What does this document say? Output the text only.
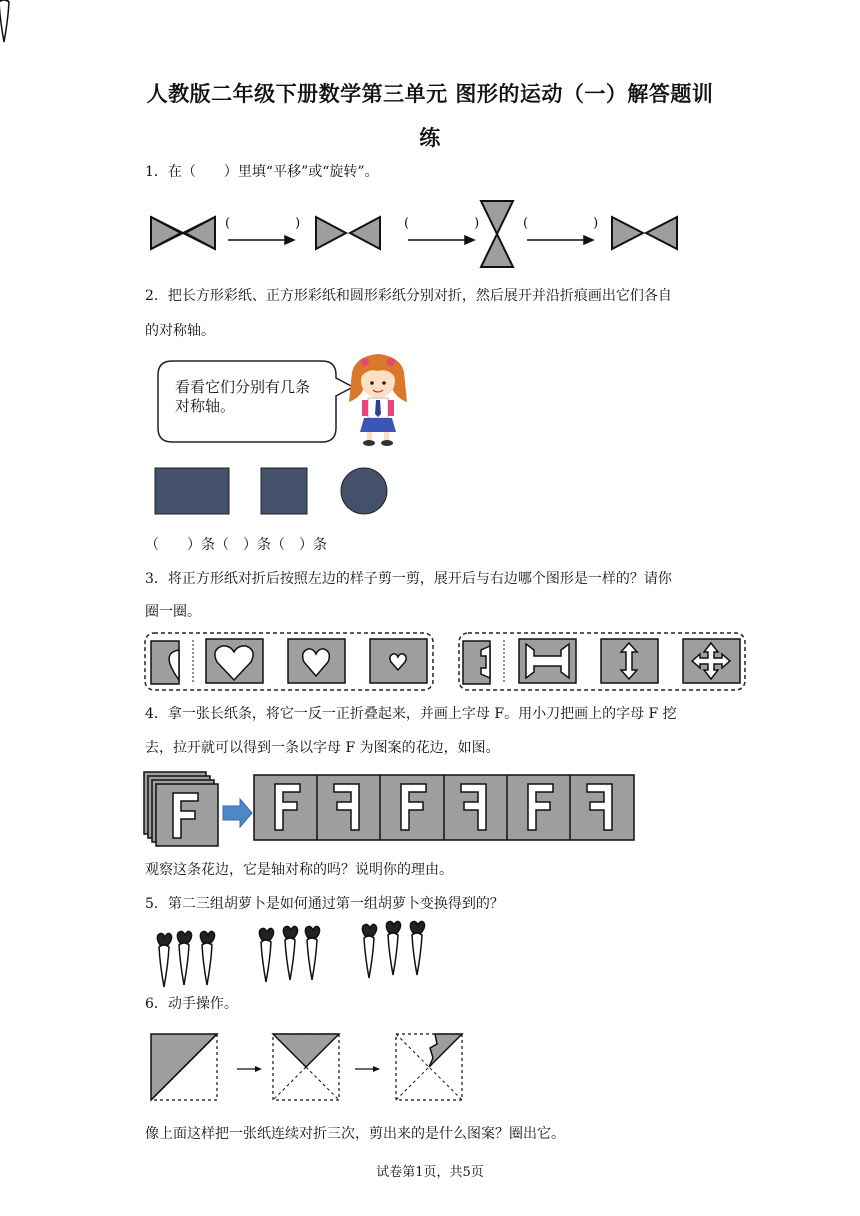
人教版二年级下册数学第三单元 图形的运动（一）解答题训
练
1．在（　　）里填“平移”或“旋转”。
(　　　　　)	(　　　　　)	(　　　　　)
2．把长方形彩纸、正方形彩纸和圆形彩纸分别对折，然后展开并沿折痕画出它们各自
的对称轴。
看看它们分别有几条
对称轴。
（　　）条（　）条（　）条
3．将正方形纸对折后按照左边的样子剪一剪，展开后与右边哪个图形是一样的？请你
圈一圈。
4．拿一张长纸条，将它一反一正折叠起来，并画上字母 F。用小刀把画上的字母 F 挖
去，拉开就可以得到一条以字母 F 为图案的花边，如图。
观察这条花边，它是轴对称的吗？说明你的理由。
5．第二三组胡萝卜是如何通过第一组胡萝卜变换得到的？
6．动手操作。
像上面这样把一张纸连续对折三次，剪出来的是什么图案？圈出它。
试卷第1页，共5页
